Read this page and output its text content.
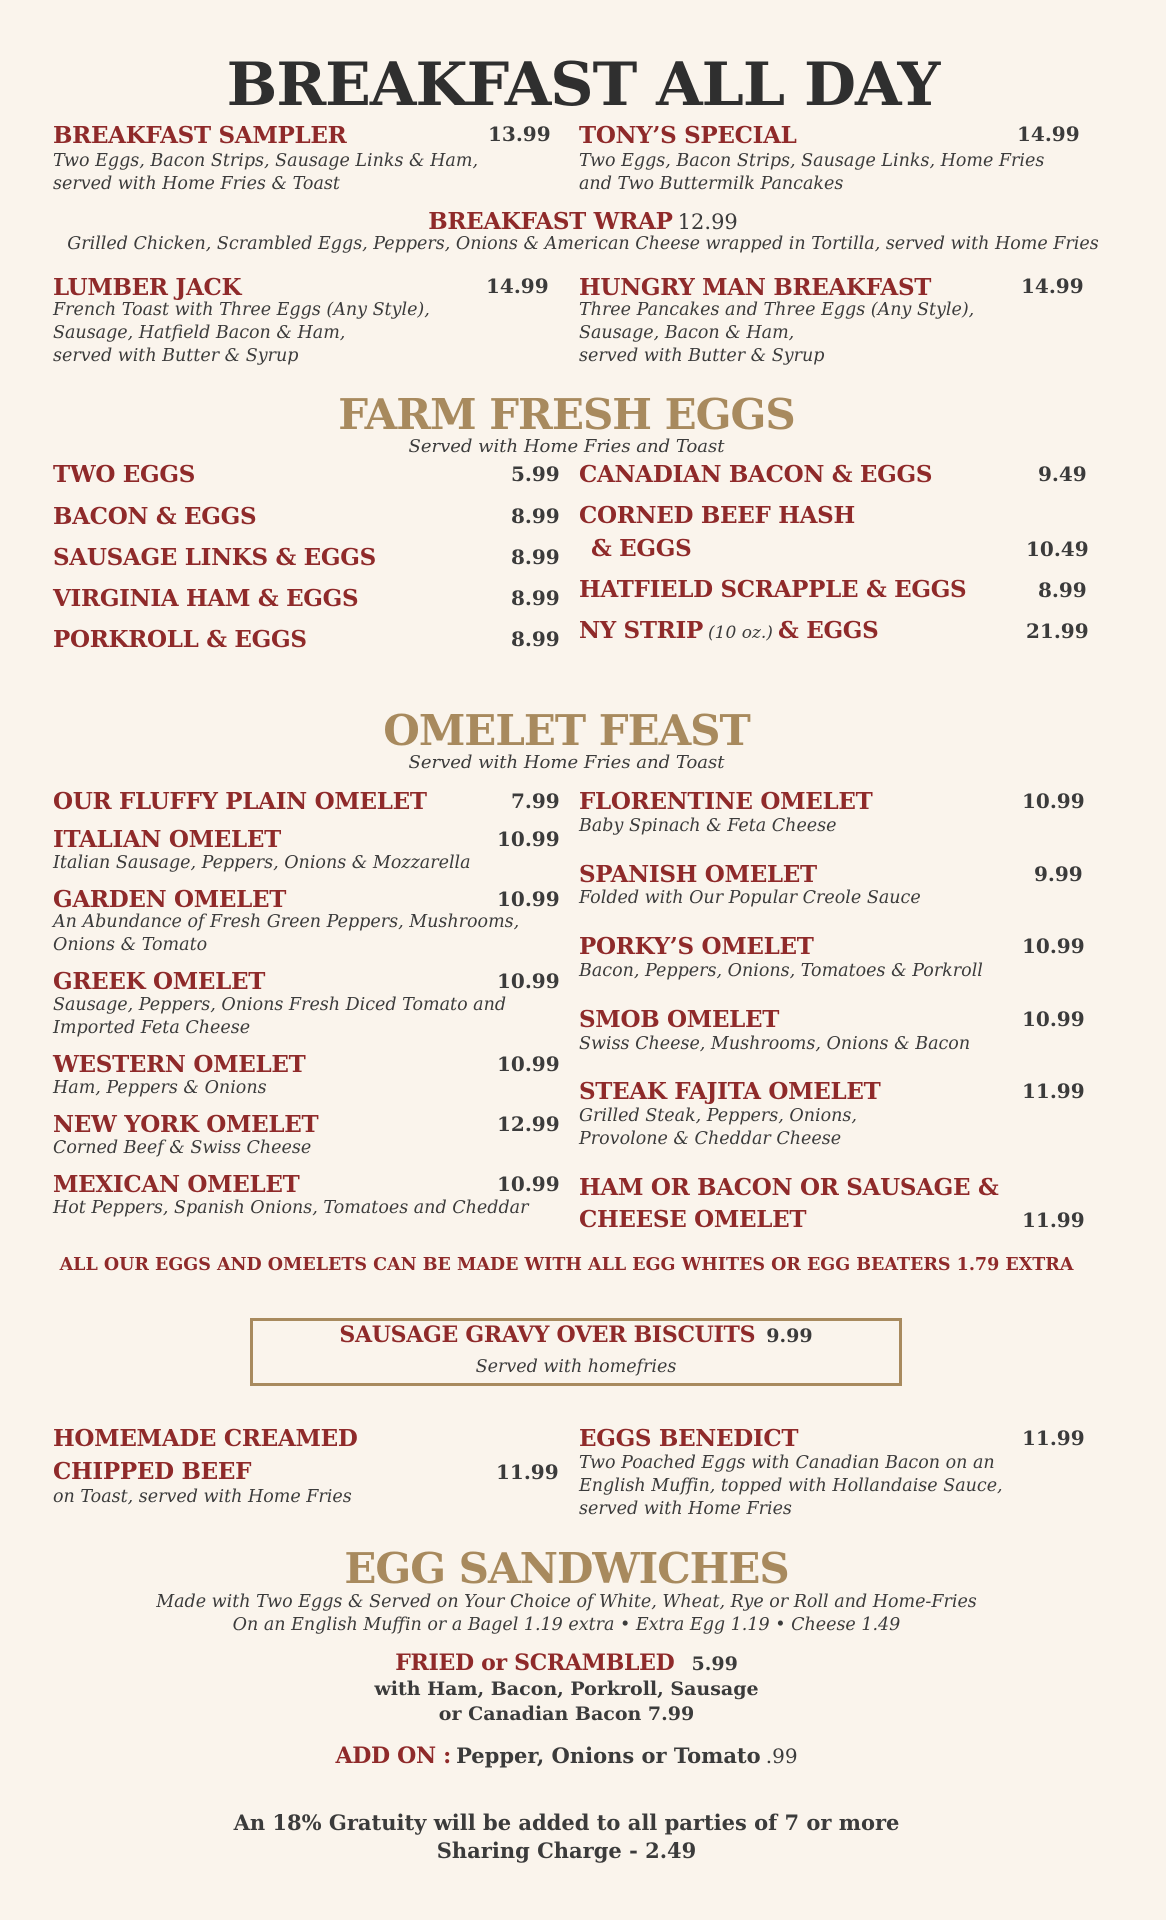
BREAKFAST ALL DAY
BREAKFAST SAMPLER	13.99
Two Eggs, Bacon Strips, Sausage Links & Ham,
served with Home Fries & Toast
TONY’S SPECIAL	14.99
Two Eggs, Bacon Strips, Sausage Links, Home Fries
and Two Buttermilk Pancakes
BREAKFAST WRAP 12.99
Grilled Chicken, Scrambled Eggs, Peppers, Onions & American Cheese wrapped in Tortilla, served with Home Fries
LUMBER JACK	14.99
French Toast with Three Eggs (Any Style),
Sausage, Hatfield Bacon & Ham,
served with Butter & Syrup
HUNGRY MAN BREAKFAST	14.99
Three Pancakes and Three Eggs (Any Style),
Sausage, Bacon & Ham,
served with Butter & Syrup
FARM FRESH EGGS
Served with Home Fries and Toast
TWO EGGS	5.99
BACON & EGGS	8.99
SAUSAGE LINKS & EGGS	8.99
VIRGINIA HAM & EGGS	8.99
PORKROLL & EGGS	8.99
CANADIAN BACON & EGGS	9.49
CORNED BEEF HASH
& EGGS	10.49
HATFIELD SCRAPPLE & EGGS	8.99
NY STRIP (10 oz.) & EGGS	21.99
OMELET FEAST
Served with Home Fries and Toast
OUR FLUFFY PLAIN OMELET	7.99
ITALIAN OMELET	10.99
Italian Sausage, Peppers, Onions & Mozzarella
GARDEN OMELET	10.99
An Abundance of Fresh Green Peppers, Mushrooms,
Onions & Tomato
GREEK OMELET	10.99
Sausage, Peppers, Onions Fresh Diced Tomato and
Imported Feta Cheese
WESTERN OMELET	10.99
Ham, Peppers & Onions
NEW YORK OMELET	12.99
Corned Beef & Swiss Cheese
MEXICAN OMELET	10.99
Hot Peppers, Spanish Onions, Tomatoes and Cheddar
FLORENTINE OMELET	10.99
Baby Spinach & Feta Cheese
SPANISH OMELET	9.99
Folded with Our Popular Creole Sauce
PORKY’S OMELET	10.99
Bacon, Peppers, Onions, Tomatoes & Porkroll
SMOB OMELET	10.99
Swiss Cheese, Mushrooms, Onions & Bacon
STEAK FAJITA OMELET	11.99
Grilled Steak, Peppers, Onions,
Provolone & Cheddar Cheese
HAM OR BACON OR SAUSAGE &
CHEESE OMELET	11.99
ALL OUR EGGS AND OMELETS CAN BE MADE WITH ALL EGG WHITES OR EGG BEATERS 1.79 EXTRA
SAUSAGE GRAVY OVER BISCUITS 9.99
Served with homefries
HOMEMADE CREAMED
CHIPPED BEEF	11.99
on Toast, served with Home Fries
EGGS BENEDICT	11.99
Two Poached Eggs with Canadian Bacon on an
English Muffin, topped with Hollandaise Sauce,
served with Home Fries
EGG SANDWICHES
Made with Two Eggs & Served on Your Choice of White, Wheat, Rye or Roll and Home-Fries
On an English Muffin or a Bagel 1.19 extra • Extra Egg 1.19 • Cheese 1.49
FRIED or SCRAMBLED 5.99
with Ham, Bacon, Porkroll, Sausage
or Canadian Bacon 7.99
ADD ON : Pepper, Onions or Tomato .99
An 18% Gratuity will be added to all parties of 7 or more
Sharing Charge - 2.49
